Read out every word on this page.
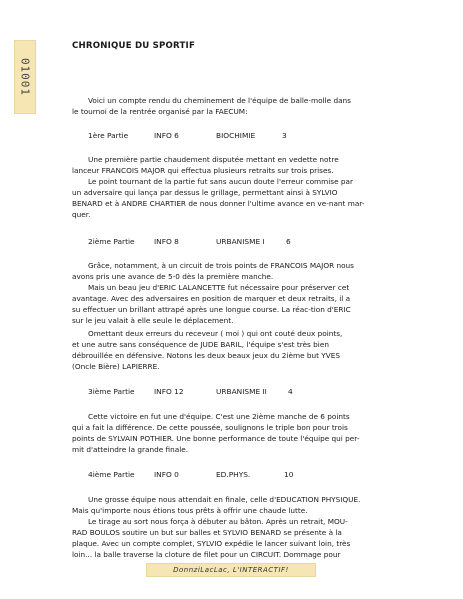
01001
CHRONIQUE DU SPORTIF
Voici un compte rendu du cheminement de l'équipe de balle-molle dans
le tournoi de la rentrée organisé par la FAECUM:
1ère Partie	INFO 6	BIOCHIMIE	3
Une première partie chaudement disputée mettant en vedette notre
lanceur FRANCOIS MAJOR qui effectua plusieurs retraits sur trois prises.
Le point tournant de la partie fut sans aucun doute l'erreur commise par
un adversaire qui lança par dessus le grillage, permettant ainsi à SYLVIO
BENARD et à ANDRE CHARTIER de nous donner l'ultime avance en ve-nant mar-
quer.
2ième Partie	INFO 8	URBANISME I	6
Grâce, notamment, à un circuit de trois points de FRANCOIS MAJOR nous
avons pris une avance de 5-0 dès la première manche.
Mais un beau jeu d'ERIC LALANCETTE fut nécessaire pour préserver cet
avantage. Avec des adversaires en position de marquer et deux retraits, il a
su effectuer un brillant attrapé après une longue course. La réac-tion d'ERIC
sur le jeu valait à elle seule le déplacement.
Omettant deux erreurs du receveur ( moi ) qui ont couté deux points,
et une autre sans conséquence de JUDE BARIL, l'équipe s'est très bien
débrouillée en défensive. Notons les deux beaux jeux du 2ième but YVES
(Oncle Bière) LAPIERRE.
3ième Partie	INFO 12	URBANISME II	4
Cette victoire en fut une d'équipe. C'est une 2ième manche de 6 points
qui a fait la différence. De cette poussée, soulignons le triple bon pour trois
points de SYLVAIN POTHIER. Une bonne performance de toute l'équipe qui per-
mit d'atteindre la grande finale.
4ième Partie	INFO 0	ED.PHYS.	10
Une grosse équipe nous attendait en finale, celle d'EDUCATION PHYSIQUE.
Mais qu'importe nous étions tous prêts à offrir une chaude lutte.
Le tirage au sort nous força à débuter au bâton. Après un retrait, MOU-
RAD BOULOS soutire un but sur balles et SYLVIO BENARD se présente à la
plaque. Avec un compte complet, SYLVIO expédie le lancer suivant loin, très
loin... la balle traverse la cloture de filet pour un CIRCUIT. Dommage pour
DonnziLacLac, L'INTERACTIF!
